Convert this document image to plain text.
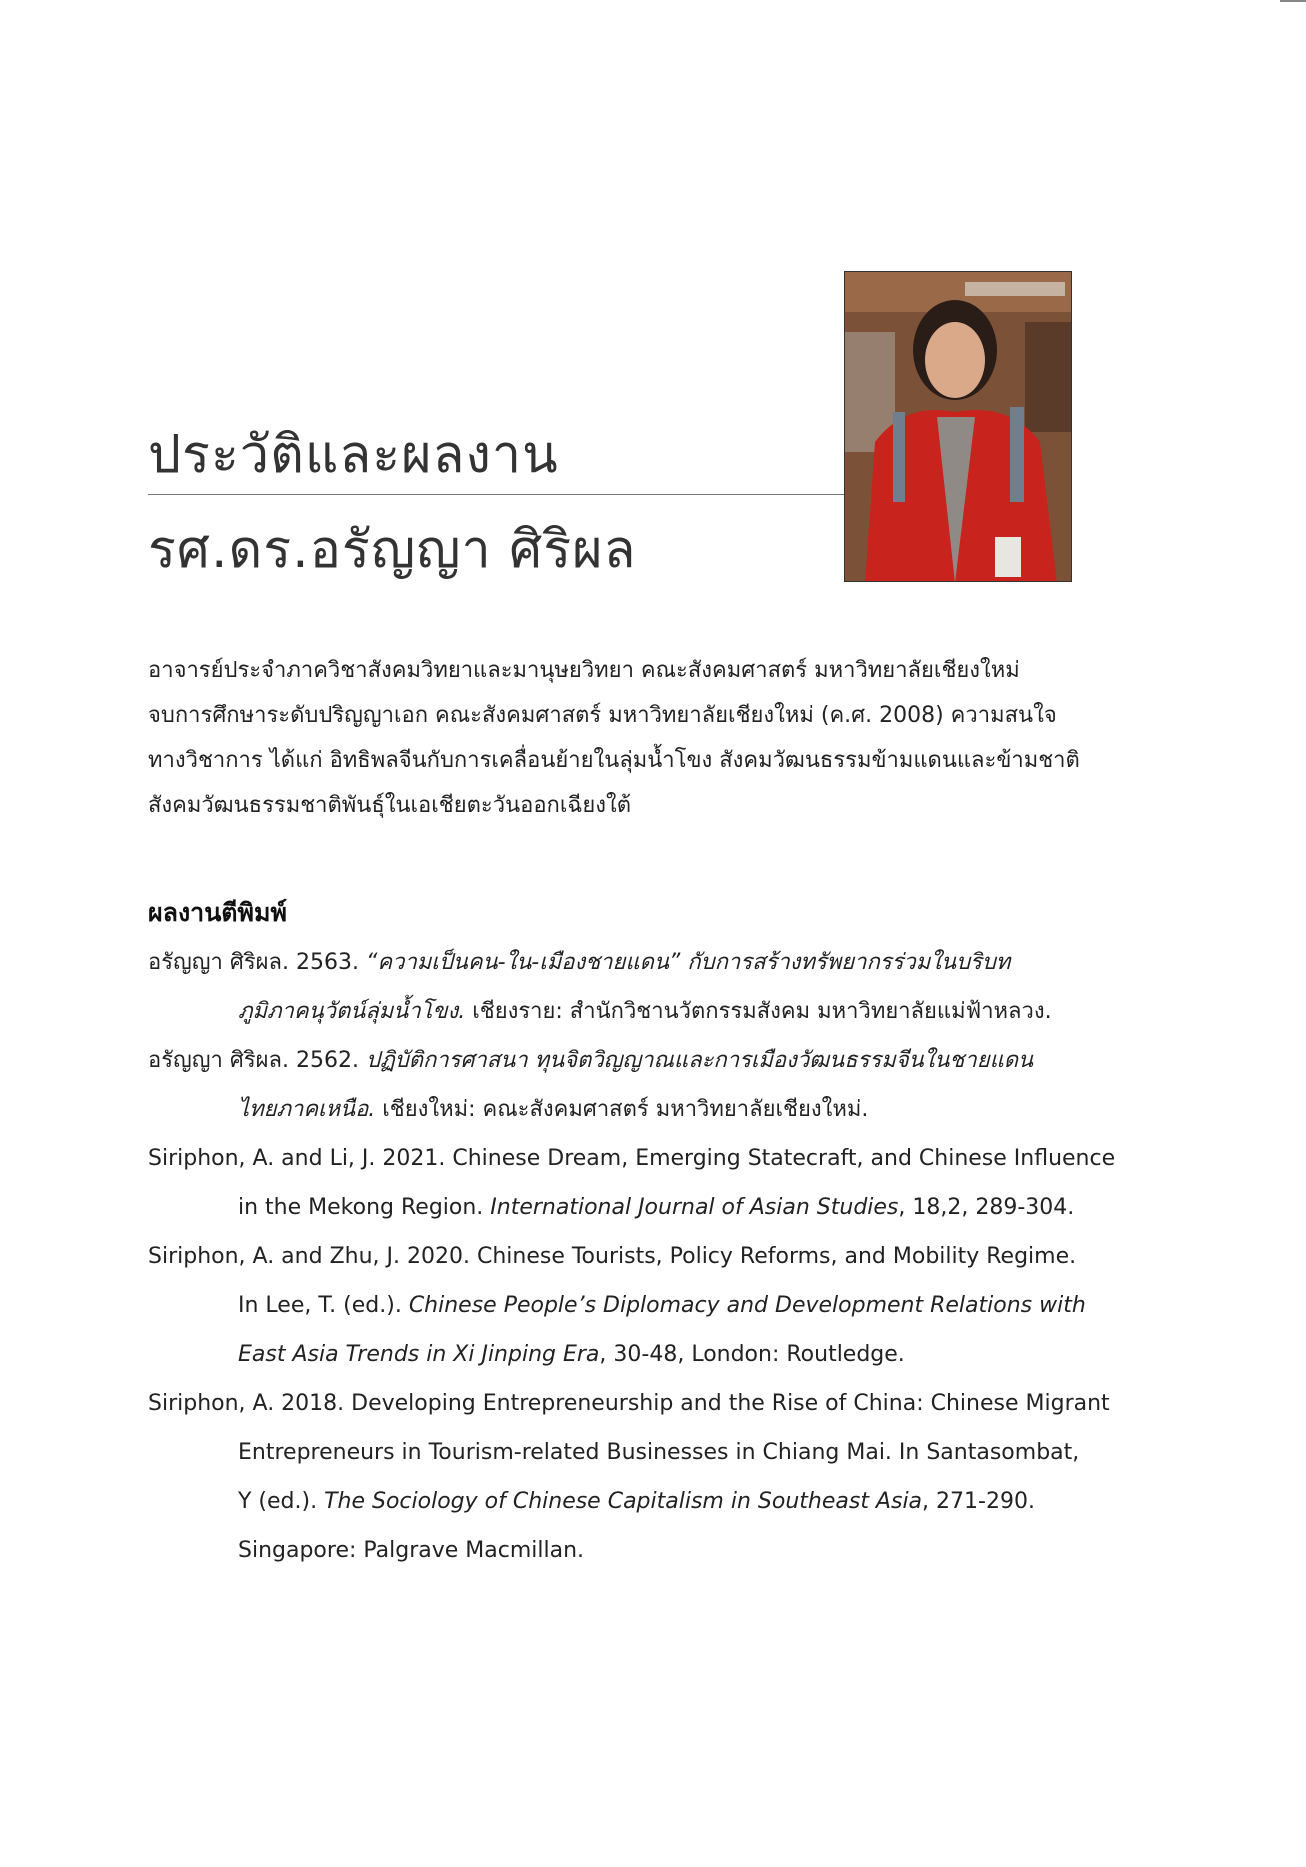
ประวัติและผลงาน
รศ.ดร.อรัญญา ศิริผล
อาจารย์ประจำภาควิชาสังคมวิทยาและมานุษยวิทยา คณะสังคมศาสตร์ มหาวิทยาลัยเชียงใหม่
จบการศึกษาระดับปริญญาเอก คณะสังคมศาสตร์ มหาวิทยาลัยเชียงใหม่ (ค.ศ. 2008) ความสนใจ
ทางวิชาการ ได้แก่ อิทธิพลจีนกับการเคลื่อนย้ายในลุ่มน้ำโขง สังคมวัฒนธรรมข้ามแดนและข้ามชาติ
สังคมวัฒนธรรมชาติพันธุ์ในเอเชียตะวันออกเฉียงใต้
ผลงานตีพิมพ์
อรัญญา ศิริผล. 2563. “ความเป็นคน-ใน-เมืองชายแดน” กับการสร้างทรัพยากรร่วมในบริบท
ภูมิภาคนุวัตน์ลุ่มน้ำโขง. เชียงราย: สำนักวิชานวัตกรรมสังคม มหาวิทยาลัยแม่ฟ้าหลวง.
อรัญญา ศิริผล. 2562. ปฏิบัติการศาสนา ทุนจิตวิญญาณและการเมืองวัฒนธรรมจีนในชายแดน
ไทยภาคเหนือ. เชียงใหม่: คณะสังคมศาสตร์ มหาวิทยาลัยเชียงใหม่.
Siriphon, A. and Li, J. 2021. Chinese Dream, Emerging Statecraft, and Chinese Influence
in the Mekong Region. International Journal of Asian Studies, 18,2, 289-304.
Siriphon, A. and Zhu, J. 2020. Chinese Tourists, Policy Reforms, and Mobility Regime.
In Lee, T. (ed.). Chinese People’s Diplomacy and Development Relations with
East Asia Trends in Xi Jinping Era, 30-48, London: Routledge.
Siriphon, A. 2018. Developing Entrepreneurship and the Rise of China: Chinese Migrant
Entrepreneurs in Tourism-related Businesses in Chiang Mai. In Santasombat,
Y (ed.). The Sociology of Chinese Capitalism in Southeast Asia, 271-290.
Singapore: Palgrave Macmillan.
